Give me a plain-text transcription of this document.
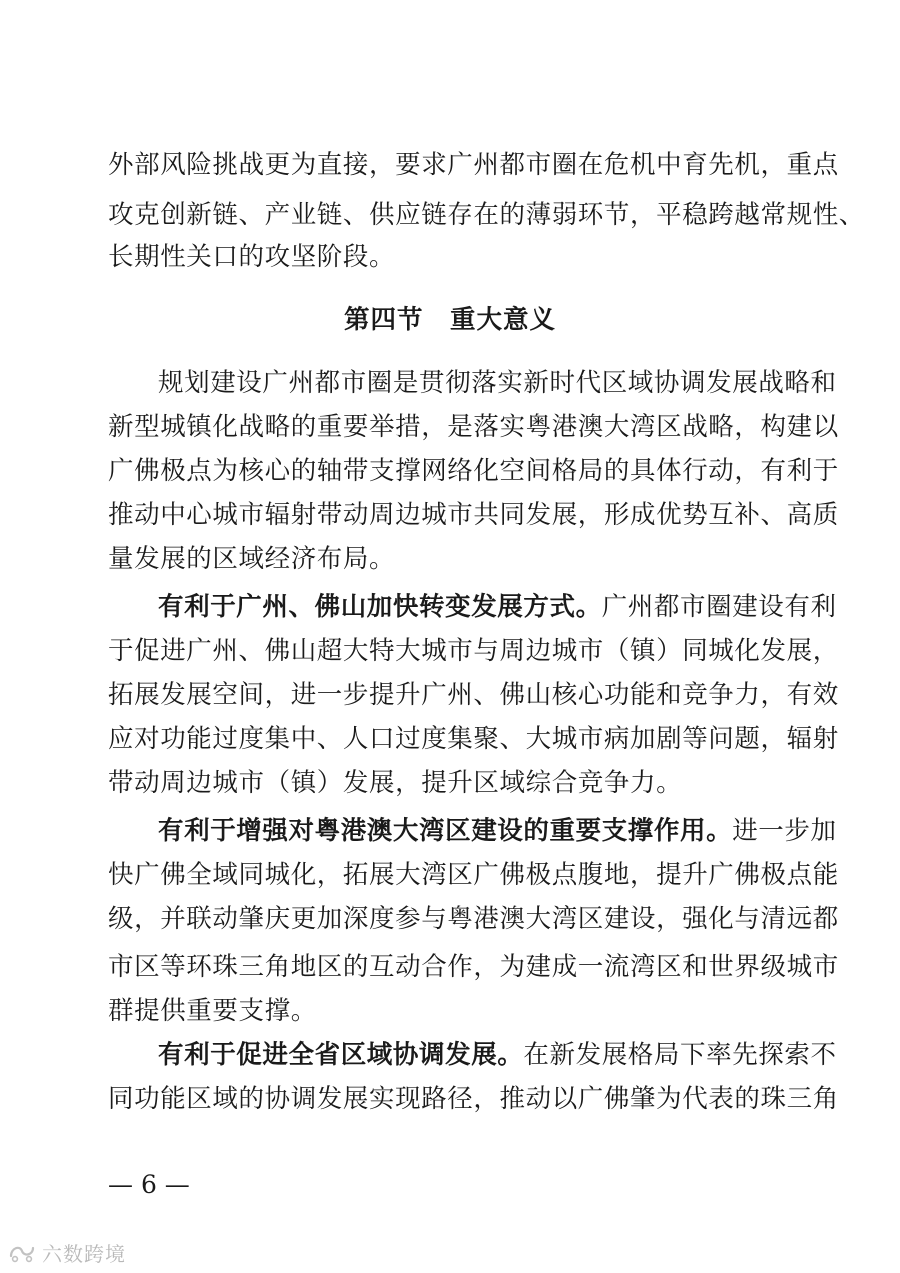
外部风险挑战更为直接，要求广州都市圈在危机中育先机，重点
攻克创新链、产业链、供应链存在的薄弱环节，平稳跨越常规性、
长期性关口的攻坚阶段。
第四节　重大意义
规划建设广州都市圈是贯彻落实新时代区域协调发展战略和
新型城镇化战略的重要举措，是落实粤港澳大湾区战略，构建以
广佛极点为核心的轴带支撑网络化空间格局的具体行动，有利于
推动中心城市辐射带动周边城市共同发展，形成优势互补、高质
量发展的区域经济布局。
有利于广州、佛山加快转变发展方式。广州都市圈建设有利
于促进广州、佛山超大特大城市与周边城市（镇）同城化发展，
拓展发展空间，进一步提升广州、佛山核心功能和竞争力，有效
应对功能过度集中、人口过度集聚、大城市病加剧等问题，辐射
带动周边城市（镇）发展，提升区域综合竞争力。
有利于增强对粤港澳大湾区建设的重要支撑作用。进一步加
快广佛全域同城化，拓展大湾区广佛极点腹地，提升广佛极点能
级，并联动肇庆更加深度参与粤港澳大湾区建设，强化与清远都
市区等环珠三角地区的互动合作，为建成一流湾区和世界级城市
群提供重要支撑。
有利于促进全省区域协调发展。在新发展格局下率先探索不
同功能区域的协调发展实现路径，推动以广佛肇为代表的珠三角
— 6 —
六数跨境
